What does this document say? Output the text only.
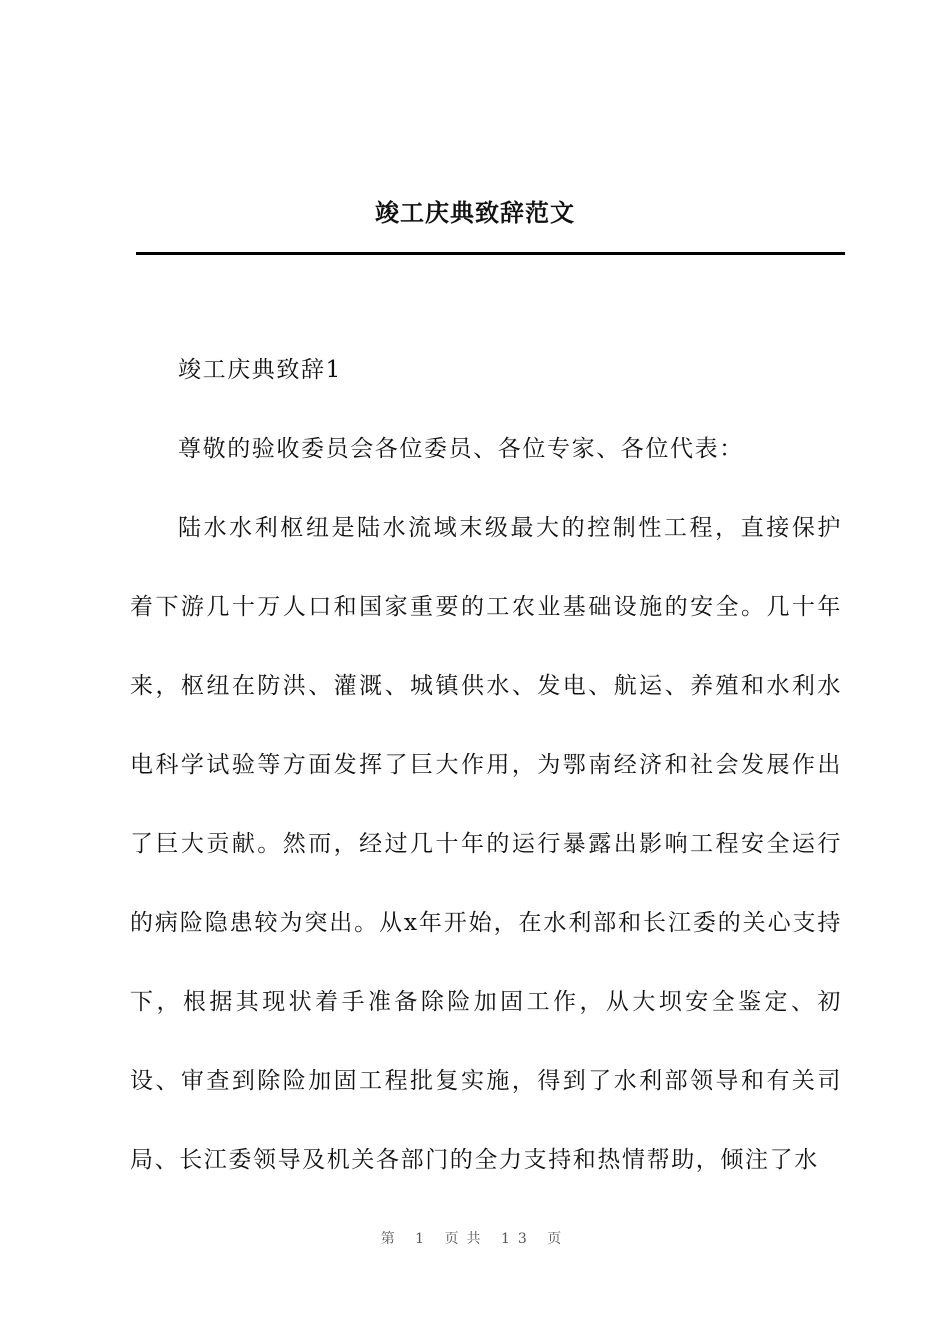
竣工庆典致辞范文

竣工庆典致辞1

尊敬的验收委员会各位委员、各位专家、各位代表：

陆水水利枢纽是陆水流域末级最大的控制性工程，直接保护着下游几十万人口和国家重要的工农业基础设施的安全。几十年来，枢纽在防洪、灌溉、城镇供水、发电、航运、养殖和水利水电科学试验等方面发挥了巨大作用，为鄂南经济和社会发展作出了巨大贡献。然而，经过几十年的运行暴露出影响工程安全运行的病险隐患较为突出。从x年开始，在水利部和长江委的关心支持下，根据其现状着手准备除险加固工作，从大坝安全鉴定、初设、审查到除险加固工程批复实施，得到了水利部领导和有关司局、长江委领导及机关各部门的全力支持和热情帮助，倾注了水

第 1 页共 13 页
